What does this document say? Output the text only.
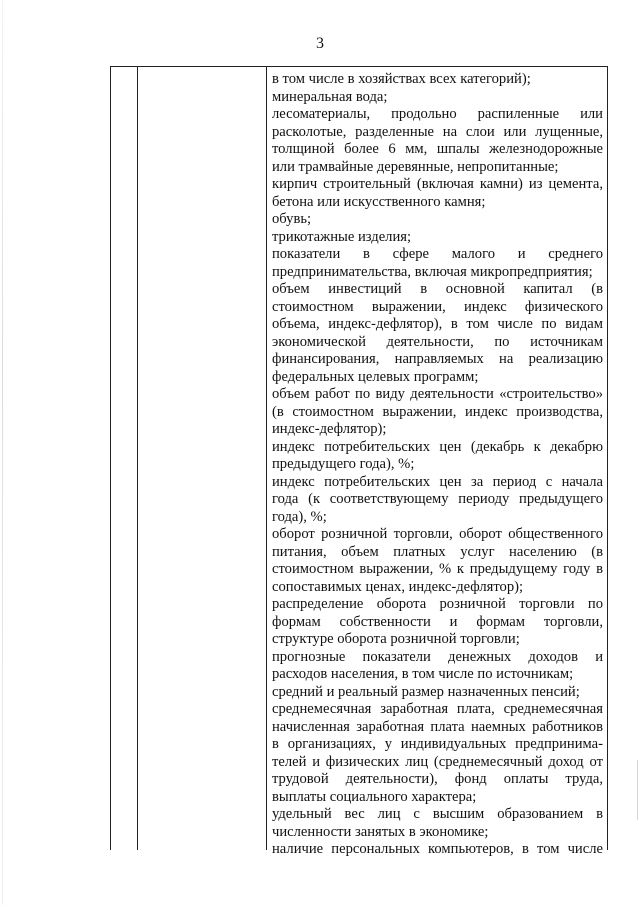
3
в том числе в хозяйствах всех категорий);
минеральная вода;
лесоматериалы, продольно распиленные или
расколотые, разделенные на слои или лущенные,
толщиной более 6 мм, шпалы железнодорожные
или трамвайные деревянные, непропитанные;
кирпич строительный (включая камни) из цемента,
бетона или искусственного камня;
обувь;
трикотажные изделия;
показатели в сфере малого и среднего
предпринимательства, включая микропредприятия;
объем инвестиций в основной капитал (в
стоимостном выражении, индекс физического
объема, индекс-дефлятор), в том числе по видам
экономической деятельности, по источникам
финансирования, направляемых на реализацию
федеральных целевых программ;
объем работ по виду деятельности «строительство»
(в стоимостном выражении, индекс производства,
индекс-дефлятор);
индекс потребительских цен (декабрь к декабрю
предыдущего года), %;
индекс потребительских цен за период с начала
года (к соответствующему периоду предыдущего
года), %;
оборот розничной торговли, оборот общественного
питания, объем платных услуг населению (в
стоимостном выражении, % к предыдущему году в
сопоставимых ценах, индекс-дефлятор);
распределение оборота розничной торговли по
формам собственности и формам торговли,
структуре оборота розничной торговли;
прогнозные показатели денежных доходов и
расходов населения, в том числе по источникам;
средний и реальный размер назначенных пенсий;
среднемесячная заработная плата, среднемесячная
начисленная заработная плата наемных работников
в организациях, у индивидуальных предпринима-
телей и физических лиц (среднемесячный доход от
трудовой деятельности), фонд оплаты труда,
выплаты социального характера;
удельный вес лиц с высшим образованием в
численности занятых в экономике;
наличие персональных компьютеров, в том числе
